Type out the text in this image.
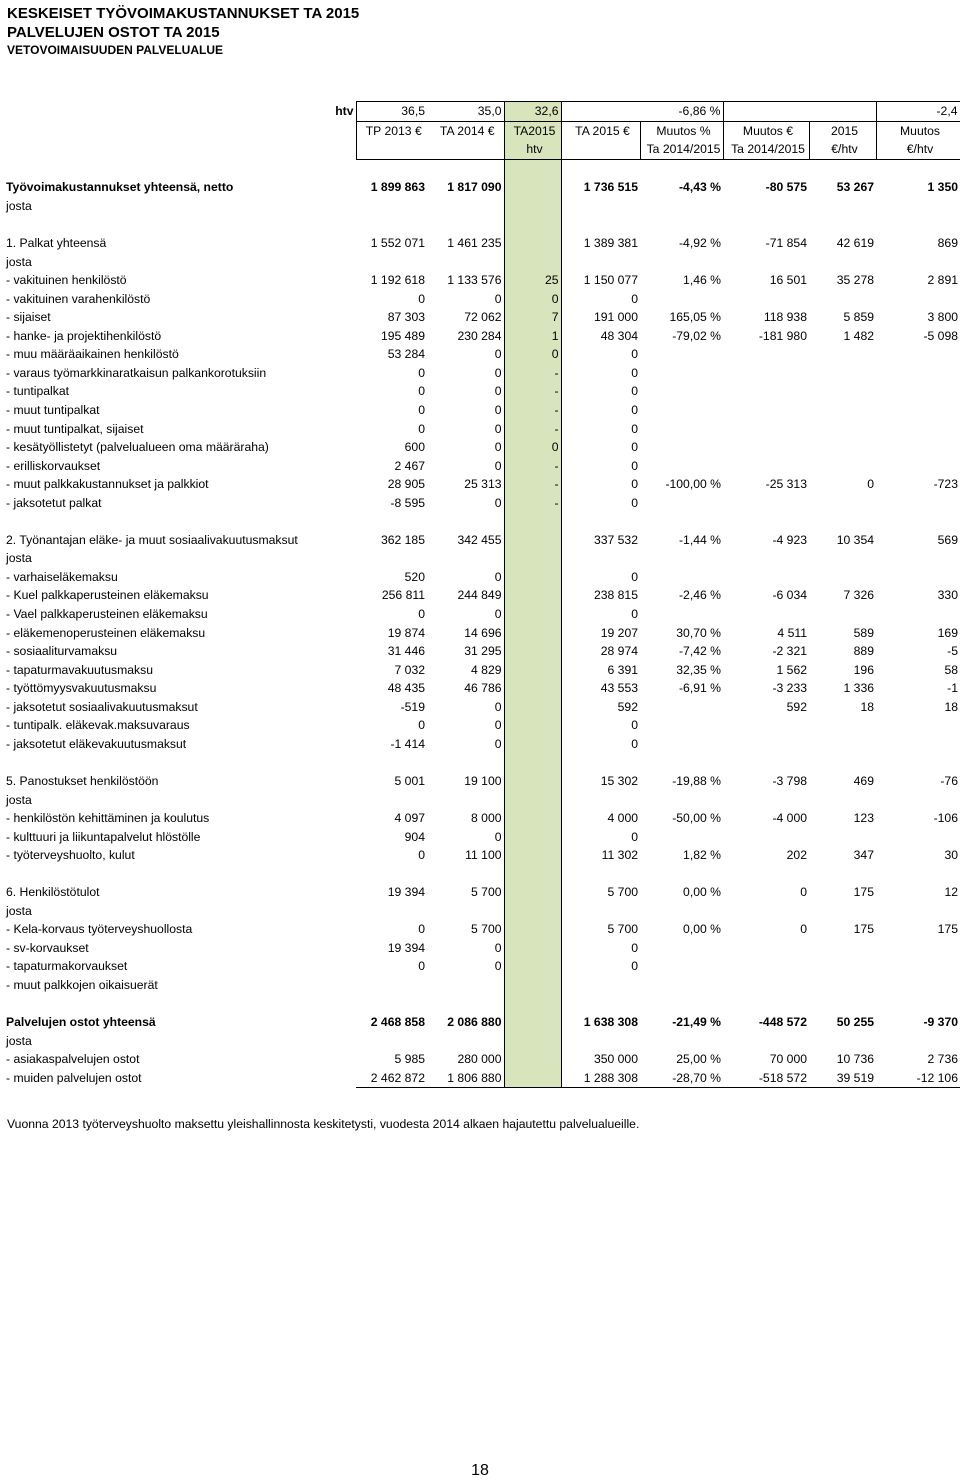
KESKEISET TYÖVOIMAKUSTANNUKSET TA 2015
PALVELUJEN OSTOT TA 2015
VETOVOIMAISUUDEN PALVELUALUE
htv	36,5	35,0	32,6		-6,86 %			-2,4
	TP 2013 €	TA 2014 €	TA2015	TA 2015 €	Muutos %	Muutos €	2015	Muutos
			htv		Ta 2014/2015	Ta 2014/2015	€/htv	€/htv

Työvoimakustannukset yhteensä, netto	1 899 863	1 817 090		1 736 515	-4,43 %	-80 575	53 267	1 350
josta								

1. Palkat yhteensä	1 552 071	1 461 235		1 389 381	-4,92 %	-71 854	42 619	869
josta								
- vakituinen henkilöstö	1 192 618	1 133 576	25	1 150 077	1,46 %	16 501	35 278	2 891
- vakituinen varahenkilöstö	0	0	0	0				
- sijaiset	87 303	72 062	7	191 000	165,05 %	118 938	5 859	3 800
- hanke- ja projektihenkilöstö	195 489	230 284	1	48 304	-79,02 %	-181 980	1 482	-5 098
- muu määräaikainen henkilöstö	53 284	0	0	0				
- varaus työmarkkinaratkaisun palkankorotuksiin	0	0	-	0				
- tuntipalkat	0	0	-	0				
- muut tuntipalkat	0	0	-	0				
- muut tuntipalkat, sijaiset	0	0	-	0				
- kesätyöllistetyt (palvelualueen oma määräraha)	600	0	0	0				
- erilliskorvaukset	2 467	0	-	0				
- muut palkkakustannukset ja palkkiot	28 905	25 313	-	0	-100,00 %	-25 313	0	-723
- jaksotetut palkat	-8 595	0	-	0				

2. Työnantajan eläke- ja muut sosiaalivakuutusmaksut	362 185	342 455		337 532	-1,44 %	-4 923	10 354	569
josta								
- varhaiseläkemaksu	520	0		0				
- Kuel palkkaperusteinen eläkemaksu	256 811	244 849		238 815	-2,46 %	-6 034	7 326	330
- Vael palkkaperusteinen eläkemaksu	0	0		0				
- eläkemenoperusteinen eläkemaksu	19 874	14 696		19 207	30,70 %	4 511	589	169
- sosiaaliturvamaksu	31 446	31 295		28 974	-7,42 %	-2 321	889	-5
- tapaturmavakuutusmaksu	7 032	4 829		6 391	32,35 %	1 562	196	58
- työttömyysvakuutusmaksu	48 435	46 786		43 553	-6,91 %	-3 233	1 336	-1
- jaksotetut sosiaalivakuutusmaksut	-519	0		592		592	18	18
- tuntipalk. eläkevak.maksuvaraus	0	0		0				
- jaksotetut eläkevakuutusmaksut	-1 414	0		0				

5. Panostukset henkilöstöön	5 001	19 100		15 302	-19,88 %	-3 798	469	-76
josta								
- henkilöstön kehittäminen ja koulutus	4 097	8 000		4 000	-50,00 %	-4 000	123	-106
- kulttuuri ja liikuntapalvelut hlöstölle	904	0		0				
- työterveyshuolto, kulut	0	11 100		11 302	1,82 %	202	347	30

6. Henkilöstötulot	19 394	5 700		5 700	0,00 %	0	175	12
josta								
- Kela-korvaus työterveyshuollosta	0	5 700		5 700	0,00 %	0	175	175
- sv-korvaukset	19 394	0		0				
- tapaturmakorvaukset	0	0		0				
- muut palkkojen oikaisuerät								

Palvelujen ostot yhteensä	2 468 858	2 086 880		1 638 308	-21,49 %	-448 572	50 255	-9 370
josta								
- asiakaspalvelujen ostot	5 985	280 000		350 000	25,00 %	70 000	10 736	2 736
- muiden palvelujen ostot	2 462 872	1 806 880		1 288 308	-28,70 %	-518 572	39 519	-12 106
Vuonna 2013 työterveyshuolto maksettu yleishallinnosta keskitetysti, vuodesta 2014 alkaen hajautettu palvelualueille.
18
